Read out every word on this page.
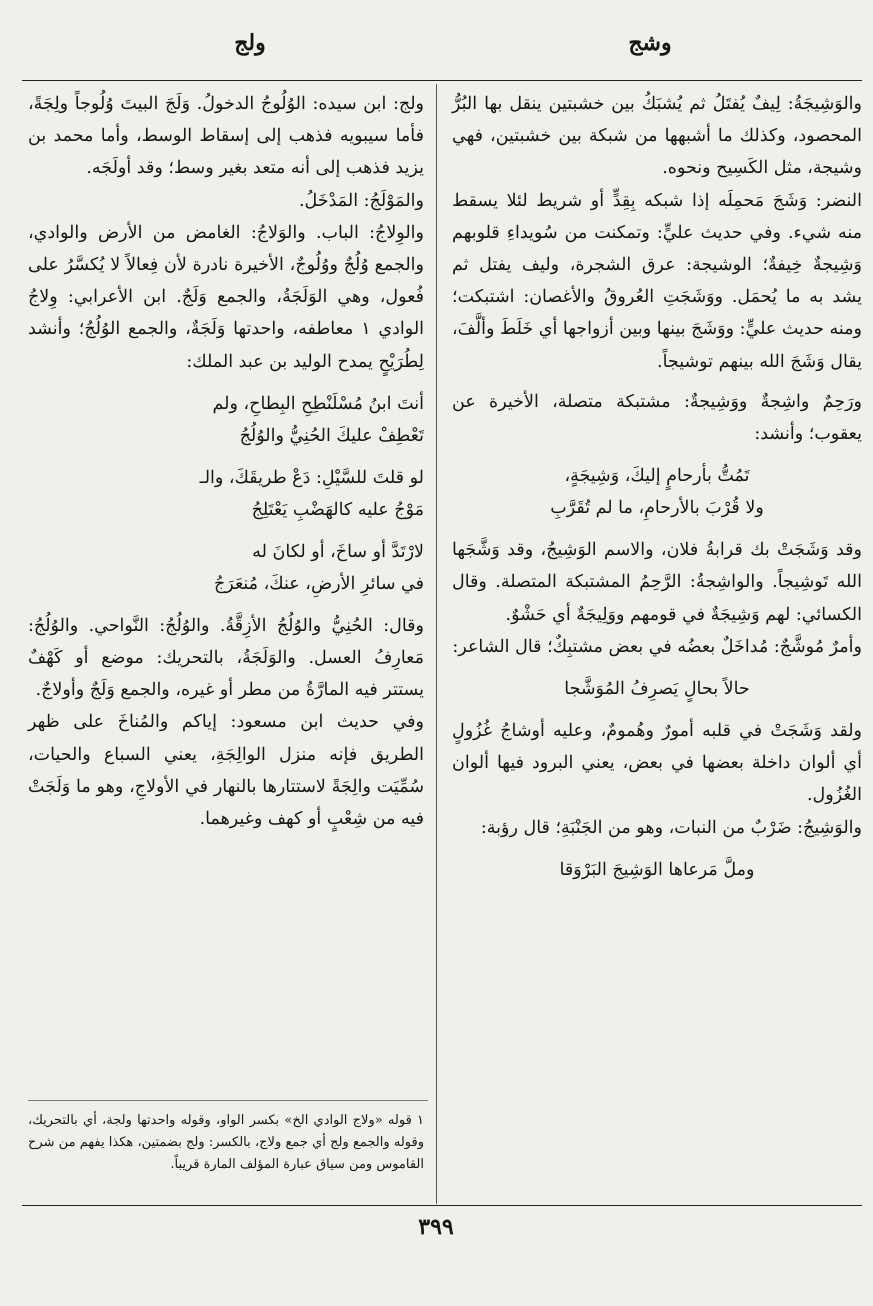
وشج
ولج

والوَشِيجَةُ: لِيفٌ يُفتَلُ ثم يُشبَكُ بين خشبتين ينقل بها البُرُّ المحصود، وكذلك ما أشبهها من شبكة بين خشبتين، فهي وشيجة، مثل الكَسِيح ونحوه.

النضر: وَشَجَ مَحمِلَه إذا شبكه بِقِدٍّ أو شريط لئلا يسقط منه شيء. وفي حديث عليٍّ: وتمكنت من سُويداءِ قلوبهم وَشِيجةٌ خِيفةٌ؛ الوشيجة: عرق الشجرة، وليف يفتل ثم يشد به ما يُحمَل. ووَشَجَتِ العُروقُ والأغصان: اشتبكت؛ ومنه حديث عليٍّ: ووَشَجَ بينها وبين أزواجها أي خَلَطَ وألَّفَ، يقال وَشَجَ الله بينهم توشيجاً.

ورَحِمٌ واشِجةٌ ووَشِيجةٌ: مشتبكة متصلة، الأخيرة عن يعقوب؛ وأنشد:

تَمُتُّ بأرحامٍ إليكَ، وَشِيجَةٍ،
ولا قُرْبَ بالأرحامِ، ما لم تُقَرَّبِ

وقد وَشَجَتْ بك قرابةُ فلان، والاسم الوَشِيجُ، وقد وَشَّجَها الله تَوشِيجاً. والواشِجةُ: الرَّحِمُ المشتبكة المتصلة. وقال الكسائي: لهم وَشِيجَةٌ في قومهم ووَلِيجَةٌ أي حَشْوٌ.

وأمرٌ مُوشَّجٌ: مُداخَلٌ بعضُه في بعض مشتبِكٌ؛ قال الشاعر:

حالاً بحالٍ يَصرِفُ المُوَشَّجا

ولقد وَشَجَتْ في قلبه أمورٌ وهُمومٌ، وعليه أوشاجُ غُزُولٍ أي ألوان داخلة بعضها في بعض، يعني البرود فيها ألوان الغُزُول.

والوَشِيجُ: ضَرْبٌ من النبات، وهو من الجَنْبَةِ؛ قال رؤبة:

وملَّ مَرعاها الوَشِيجَ البَرْوَقا

ولج: ابن سيده: الوُلُوجُ الدخولُ. وَلَجَ البيتَ وُلُوجاً ولِجَةً، فأما سيبويه فذهب إلى إسقاط الوسط، وأما محمد بن يزيد فذهب إلى أنه متعد بغير وسط؛ وقد أولَجَه.

والمَوْلَجُ: المَدْخَلُ.

والوِلاجُ: الباب. والوَلاجُ: الغامض من الأرض والوادي، والجمع وُلُجٌ ووُلُوجٌ، الأخيرة نادرة لأن فِعالاً لا يُكسَّرُ على فُعول، وهي الوَلَجَةُ، والجمع وَلَجٌ. ابن الأعرابي: وِلاجُ الوادي ١ معاطفه، واحدتها وَلَجَةٌ، والجمع الوُلُجُ؛ وأنشد لِطُرَيْحٍ يمدح الوليد بن عبد الملك:

أنتَ ابنُ مُسْلَنْطِحِ البِطاحِ، ولم
تَعْطِفْ عليكَ الحُنِيُّ والوُلُجُ
لو قلتَ للسَّيْلِ: دَعْ طريقَكَ، والـ
مَوْجُ عليه كالهَضْبِ يَعْتَلِجُ
لارْتَدَّ أو ساخَ، أو لكانَ له
في سائرِ الأرضِ، عنكَ، مُنعَرَجُ

وقال: الحُنِيُّ والوُلُجُ الأزِقَّةُ. والوُلُجُ: النَّواحي. والوُلُجُ: مَعارِفُ العسل. والوَلَجَةُ، بالتحريك: موضع أو كَهْفٌ يستتر فيه المارَّةُ من مطر أو غيره، والجمع وَلَجٌ وأولاجٌ.

وفي حديث ابن مسعود: إياكم والمُناخَ على ظهر الطريق فإنه منزل الوالِجَةِ، يعني السباع والحيات، سُمِّيَت والِجَةً لاستتارها بالنهار في الأولاجِ، وهو ما وَلَجَتْ فيه من شِعْبٍ أو كهف وغيرهما.

١ قوله «ولاج الوادي الخ» بكسر الواو، وقوله واحدتها ولجة، أي بالتحريك، وقوله والجمع ولج أي جمع ولاج، بالكسر: ولج بضمتين، هكذا يفهم من شرح القاموس ومن سياق عبارة المؤلف المارة قريباً.
٣٩٩
